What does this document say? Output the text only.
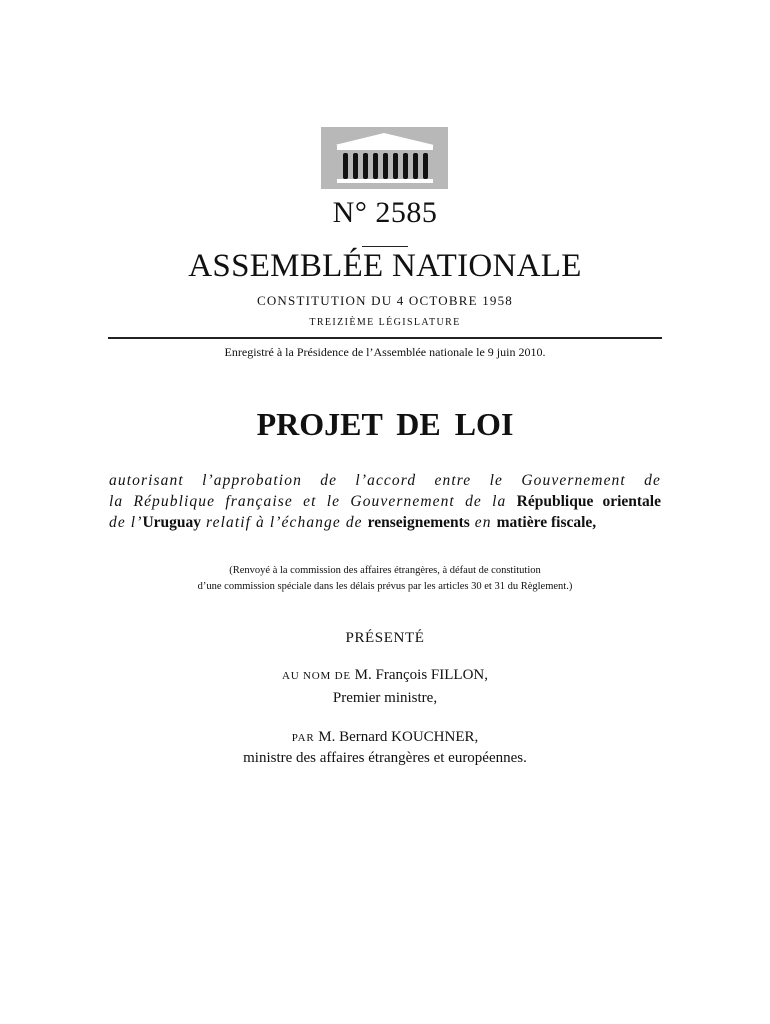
N° 2585
ASSEMBLÉE NATIONALE
CONSTITUTION DU 4 OCTOBRE 1958
TREIZIÈME LÉGISLATURE
Enregistré à la Présidence de l’Assemblée nationale le 9 juin 2010.
PROJET DE LOI
autorisant l’approbation de l’accord entre le Gouvernement de
la République française et le Gouvernement de la République orientale
de l’Uruguay relatif à l’échange de renseignements en matière fiscale,
(Renvoyé à la commission des affaires étrangères, à défaut de constitution
d’une commission spéciale dans les délais prévus par les articles 30 et 31 du Règlement.)
PRÉSENTÉ
AU NOM DE M. François FILLON,
Premier ministre,
PAR M. Bernard KOUCHNER,
ministre des affaires étrangères et européennes.
